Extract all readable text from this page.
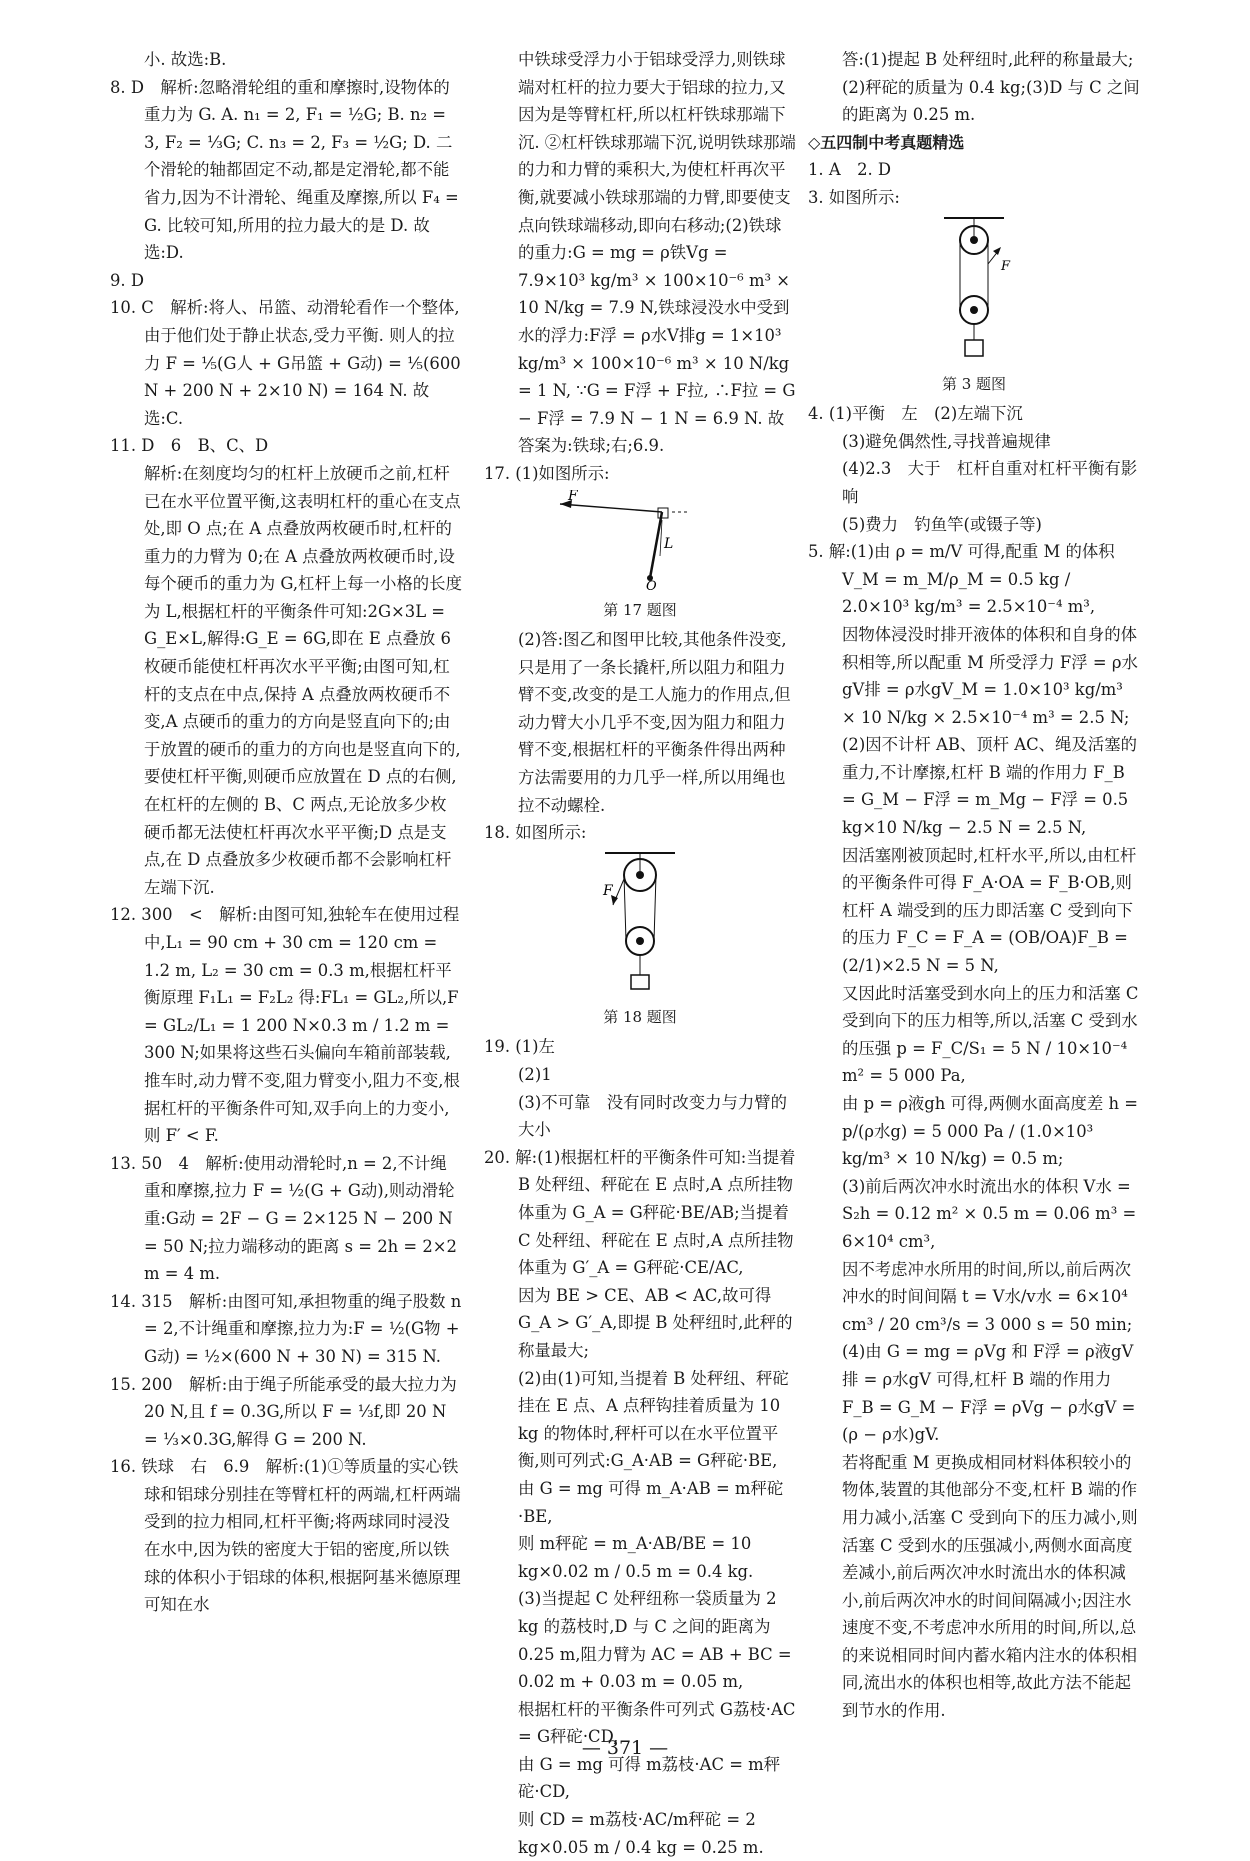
小. 故选:B.

8. D　解析:忽略滑轮组的重和摩擦时,设物体的重力为 G. A. n₁ = 2, F₁ = ½G; B. n₂ = 3, F₂ = ⅓G; C. n₃ = 2, F₃ = ½G; D. 二个滑轮的轴都固定不动,都是定滑轮,都不能省力,因为不计滑轮、绳重及摩擦,所以 F₄ = G. 比较可知,所用的拉力最大的是 D. 故选:D.

9. D

10. C　解析:将人、吊篮、动滑轮看作一个整体,由于他们处于静止状态,受力平衡. 则人的拉力 F = ⅕(G人 + G吊篮 + G动) = ⅕(600 N + 200 N + 2×10 N) = 164 N. 故选:C.

11. D　6　B、C、D

解析:在刻度均匀的杠杆上放硬币之前,杠杆已在水平位置平衡,这表明杠杆的重心在支点处,即 O 点;在 A 点叠放两枚硬币时,杠杆的重力的力臂为 0;在 A 点叠放两枚硬币时,设每个硬币的重力为 G,杠杆上每一小格的长度为 L,根据杠杆的平衡条件可知:2G×3L = G_E×L,解得:G_E = 6G,即在 E 点叠放 6 枚硬币能使杠杆再次水平平衡;由图可知,杠杆的支点在中点,保持 A 点叠放两枚硬币不变,A 点硬币的重力的方向是竖直向下的;由于放置的硬币的重力的方向也是竖直向下的,要使杠杆平衡,则硬币应放置在 D 点的右侧,在杠杆的左侧的 B、C 两点,无论放多少枚硬币都无法使杠杆再次水平平衡;D 点是支点,在 D 点叠放多少枚硬币都不会影响杠杆左端下沉.

12. 300　<　解析:由图可知,独轮车在使用过程中,L₁ = 90 cm + 30 cm = 120 cm = 1.2 m, L₂ = 30 cm = 0.3 m,根据杠杆平衡原理 F₁L₁ = F₂L₂ 得:FL₁ = GL₂,所以,F = GL₂/L₁ = 1 200 N×0.3 m / 1.2 m = 300 N;如果将这些石头偏向车箱前部装载,推车时,动力臂不变,阻力臂变小,阻力不变,根据杠杆的平衡条件可知,双手向上的力变小,则 F′ < F.

13. 50　4　解析:使用动滑轮时,n = 2,不计绳重和摩擦,拉力 F = ½(G + G动),则动滑轮重:G动 = 2F − G = 2×125 N − 200 N = 50 N;拉力端移动的距离 s = 2h = 2×2 m = 4 m.

14. 315　解析:由图可知,承担物重的绳子股数 n = 2,不计绳重和摩擦,拉力为:F = ½(G物 + G动) = ½×(600 N + 30 N) = 315 N.

15. 200　解析:由于绳子所能承受的最大拉力为 20 N,且 f = 0.3G,所以 F = ⅓f,即 20 N = ⅓×0.3G,解得 G = 200 N.

16. 铁球　右　6.9　解析:(1)①等质量的实心铁球和铝球分别挂在等臂杠杆的两端,杠杆两端受到的拉力相同,杠杆平衡;将两球同时浸没在水中,因为铁的密度大于铝的密度,所以铁球的体积小于铝球的体积,根据阿基米德原理可知在水

中铁球受浮力小于铝球受浮力,则铁球端对杠杆的拉力要大于铝球的拉力,又因为是等臂杠杆,所以杠杆铁球那端下沉. ②杠杆铁球那端下沉,说明铁球那端的力和力臂的乘积大,为使杠杆再次平衡,就要减小铁球那端的力臂,即要使支点向铁球端移动,即向右移动;(2)铁球的重力:G = mg = ρ铁Vg = 7.9×10³ kg/m³ × 100×10⁻⁶ m³ × 10 N/kg = 7.9 N,铁球浸没水中受到水的浮力:F浮 = ρ水V排g = 1×10³ kg/m³ × 100×10⁻⁶ m³ × 10 N/kg = 1 N, ∵G = F浮 + F拉, ∴F拉 = G − F浮 = 7.9 N − 1 N = 6.9 N. 故答案为:铁球;右;6.9.

17. (1)如图所示:

F
L
O
第 17 题图

(2)答:图乙和图甲比较,其他条件没变,只是用了一条长撬杆,所以阻力和阻力臂不变,改变的是工人施力的作用点,但动力臂大小几乎不变,因为阻力和阻力臂不变,根据杠杆的平衡条件得出两种方法需要用的力几乎一样,所以用绳也拉不动螺栓.

18. 如图所示:

F
第 18 题图

19. (1)左

(2)1

(3)不可靠　没有同时改变力与力臂的大小

20. 解:(1)根据杠杆的平衡条件可知:当提着 B 处秤纽、秤砣在 E 点时,A 点所挂物体重为 G_A = G秤砣·BE/AB;当提着 C 处秤纽、秤砣在 E 点时,A 点所挂物体重为 G′_A = G秤砣·CE/AC,

因为 BE > CE、AB < AC,故可得 G_A > G′_A,即提 B 处秤纽时,此秤的称量最大;

(2)由(1)可知,当提着 B 处秤纽、秤砣挂在 E 点、A 点秤钩挂着质量为 10 kg 的物体时,秤杆可以在水平位置平衡,则可列式:G_A·AB = G秤砣·BE,

由 G = mg 可得 m_A·AB = m秤砣·BE,

则 m秤砣 = m_A·AB/BE = 10 kg×0.02 m / 0.5 m = 0.4 kg.

(3)当提起 C 处秤纽称一袋质量为 2 kg 的荔枝时,D 与 C 之间的距离为 0.25 m,阻力臂为 AC = AB + BC = 0.02 m + 0.03 m = 0.05 m,

根据杠杆的平衡条件可列式 G荔枝·AC = G秤砣·CD,

由 G = mg 可得 m荔枝·AC = m秤砣·CD,

则 CD = m荔枝·AC/m秤砣 = 2 kg×0.05 m / 0.4 kg = 0.25 m.

答:(1)提起 B 处秤纽时,此秤的称量最大;(2)秤砣的质量为 0.4 kg;(3)D 与 C 之间的距离为 0.25 m.

◇五四制中考真题精选

1. A　2. D

3. 如图所示:

F
第 3 题图

4. (1)平衡　左　(2)左端下沉

(3)避免偶然性,寻找普遍规律

(4)2.3　大于　杠杆自重对杠杆平衡有影响

(5)费力　钓鱼竿(或镊子等)

5. 解:(1)由 ρ = m/V 可得,配重 M 的体积 V_M = m_M/ρ_M = 0.5 kg / 2.0×10³ kg/m³ = 2.5×10⁻⁴ m³,

因物体浸没时排开液体的体积和自身的体积相等,所以配重 M 所受浮力 F浮 = ρ水gV排 = ρ水gV_M = 1.0×10³ kg/m³ × 10 N/kg × 2.5×10⁻⁴ m³ = 2.5 N;

(2)因不计杆 AB、顶杆 AC、绳及活塞的重力,不计摩擦,杠杆 B 端的作用力 F_B = G_M − F浮 = m_Mg − F浮 = 0.5 kg×10 N/kg − 2.5 N = 2.5 N,

因活塞刚被顶起时,杠杆水平,所以,由杠杆的平衡条件可得 F_A·OA = F_B·OB,则杠杆 A 端受到的压力即活塞 C 受到向下的压力 F_C = F_A = (OB/OA)F_B = (2/1)×2.5 N = 5 N,

又因此时活塞受到水向上的压力和活塞 C 受到向下的压力相等,所以,活塞 C 受到水的压强 p = F_C/S₁ = 5 N / 10×10⁻⁴ m² = 5 000 Pa,

由 p = ρ液gh 可得,两侧水面高度差 h = p/(ρ水g) = 5 000 Pa / (1.0×10³ kg/m³ × 10 N/kg) = 0.5 m;

(3)前后两次冲水时流出水的体积 V水 = S₂h = 0.12 m² × 0.5 m = 0.06 m³ = 6×10⁴ cm³,

因不考虑冲水所用的时间,所以,前后两次冲水的时间间隔 t = V水/v水 = 6×10⁴ cm³ / 20 cm³/s = 3 000 s = 50 min;

(4)由 G = mg = ρVg 和 F浮 = ρ液gV排 = ρ水gV 可得,杠杆 B 端的作用力 F_B = G_M − F浮 = ρVg − ρ水gV = (ρ − ρ水)gV.

若将配重 M 更换成相同材料体积较小的物体,装置的其他部分不变,杠杆 B 端的作用力减小,活塞 C 受到向下的压力减小,则活塞 C 受到水的压强减小,两侧水面高度差减小,前后两次冲水时流出水的体积减小,前后两次冲水的时间间隔减小;因注水速度不变,不考虑冲水所用的时间,所以,总的来说相同时间内蓄水箱内注水的体积相同,流出水的体积也相等,故此方法不能起到节水的作用.

— 371 —
